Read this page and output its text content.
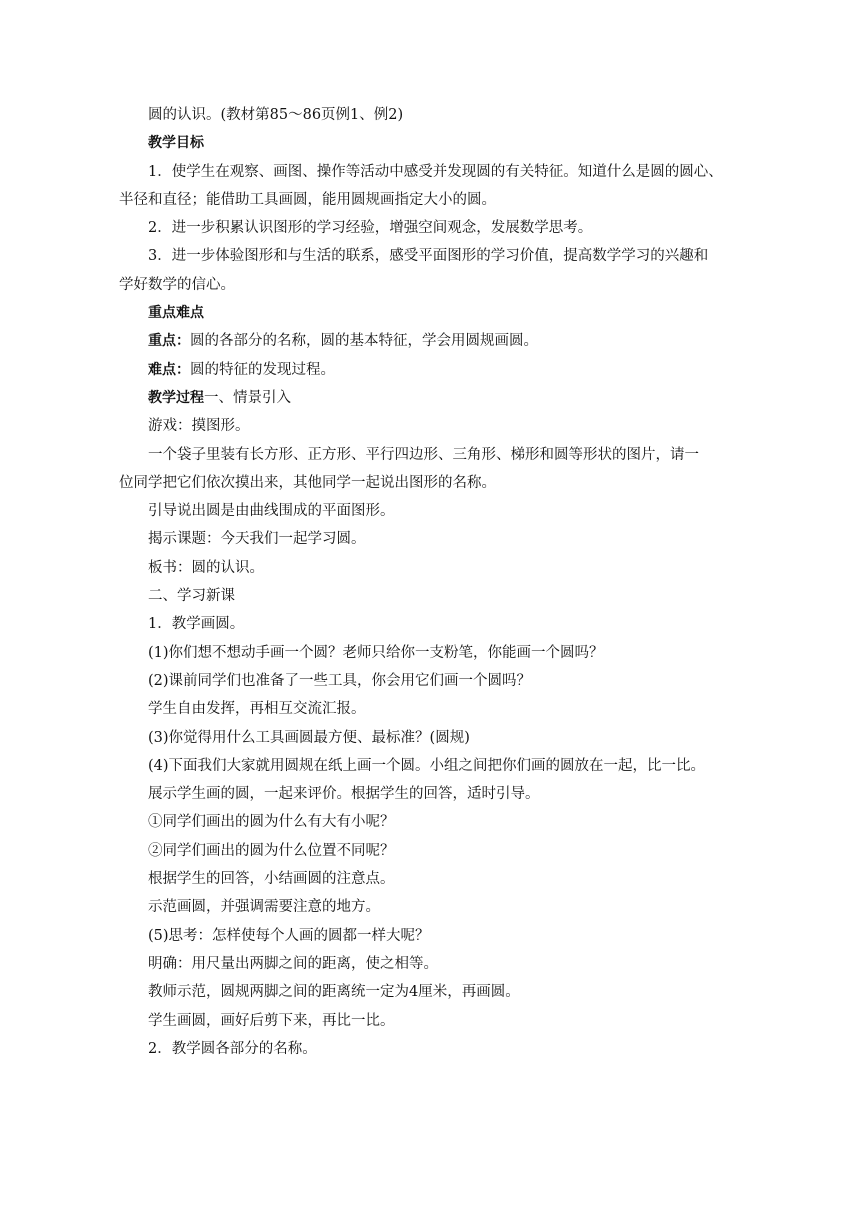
圆的认识。(教材第85～86页例1、例2)

教学目标

1．使学生在观察、画图、操作等活动中感受并发现圆的有关特征。知道什么是圆的圆心、

半径和直径；能借助工具画圆，能用圆规画指定大小的圆。

2．进一步积累认识图形的学习经验，增强空间观念，发展数学思考。

3．进一步体验图形和与生活的联系，感受平面图形的学习价值，提高数学学习的兴趣和

学好数学的信心。

重点难点

重点：圆的各部分的名称，圆的基本特征，学会用圆规画圆。

难点：圆的特征的发现过程。

教学过程一、情景引入

游戏：摸图形。

一个袋子里装有长方形、正方形、平行四边形、三角形、梯形和圆等形状的图片，请一

位同学把它们依次摸出来，其他同学一起说出图形的名称。

引导说出圆是由曲线围成的平面图形。

揭示课题：今天我们一起学习圆。

板书：圆的认识。

二、学习新课

1．教学画圆。

(1)你们想不想动手画一个圆？老师只给你一支粉笔，你能画一个圆吗？

(2)课前同学们也准备了一些工具，你会用它们画一个圆吗？

学生自由发挥，再相互交流汇报。

(3)你觉得用什么工具画圆最方便、最标准？(圆规)

(4)下面我们大家就用圆规在纸上画一个圆。小组之间把你们画的圆放在一起，比一比。

展示学生画的圆，一起来评价。根据学生的回答，适时引导。

①同学们画出的圆为什么有大有小呢？

②同学们画出的圆为什么位置不同呢？

根据学生的回答，小结画圆的注意点。

示范画圆，并强调需要注意的地方。

(5)思考：怎样使每个人画的圆都一样大呢？

明确：用尺量出两脚之间的距离，使之相等。

教师示范，圆规两脚之间的距离统一定为4厘米，再画圆。

学生画圆，画好后剪下来，再比一比。

2．教学圆各部分的名称。
